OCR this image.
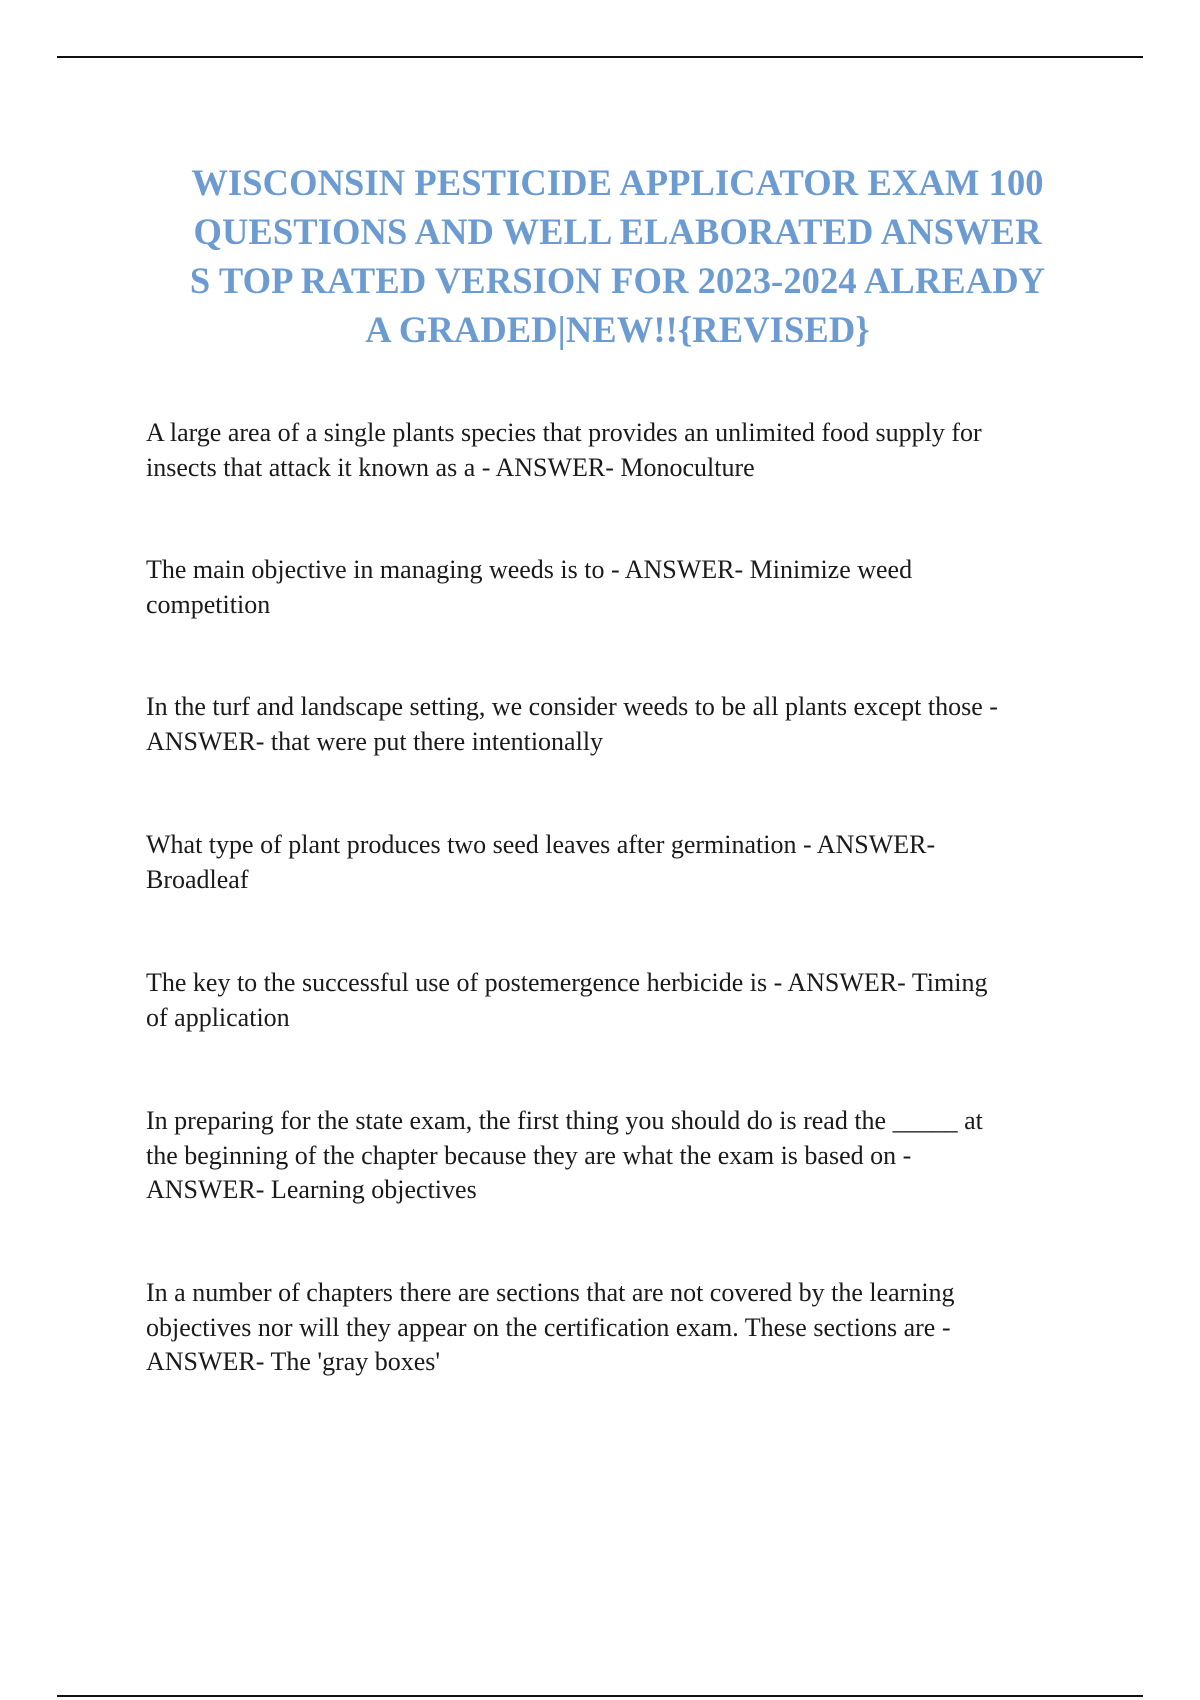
WISCONSIN PESTICIDE APPLICATOR EXAM 100
QUESTIONS AND WELL ELABORATED ANSWER
S TOP RATED VERSION FOR 2023-2024 ALREADY
A GRADED|NEW!!{REVISED}

A large area of a single plants species that provides an unlimited food supply for
insects that attack it known as a - ANSWER- Monoculture

The main objective in managing weeds is to - ANSWER- Minimize weed
competition

In the turf and landscape setting, we consider weeds to be all plants except those -
ANSWER- that were put there intentionally

What type of plant produces two seed leaves after germination - ANSWER-
Broadleaf

The key to the successful use of postemergence herbicide is - ANSWER- Timing
of application

In preparing for the state exam, the first thing you should do is read the _____ at
the beginning of the chapter because they are what the exam is based on -
ANSWER- Learning objectives

In a number of chapters there are sections that are not covered by the learning
objectives nor will they appear on the certification exam. These sections are -
ANSWER- The 'gray boxes'
